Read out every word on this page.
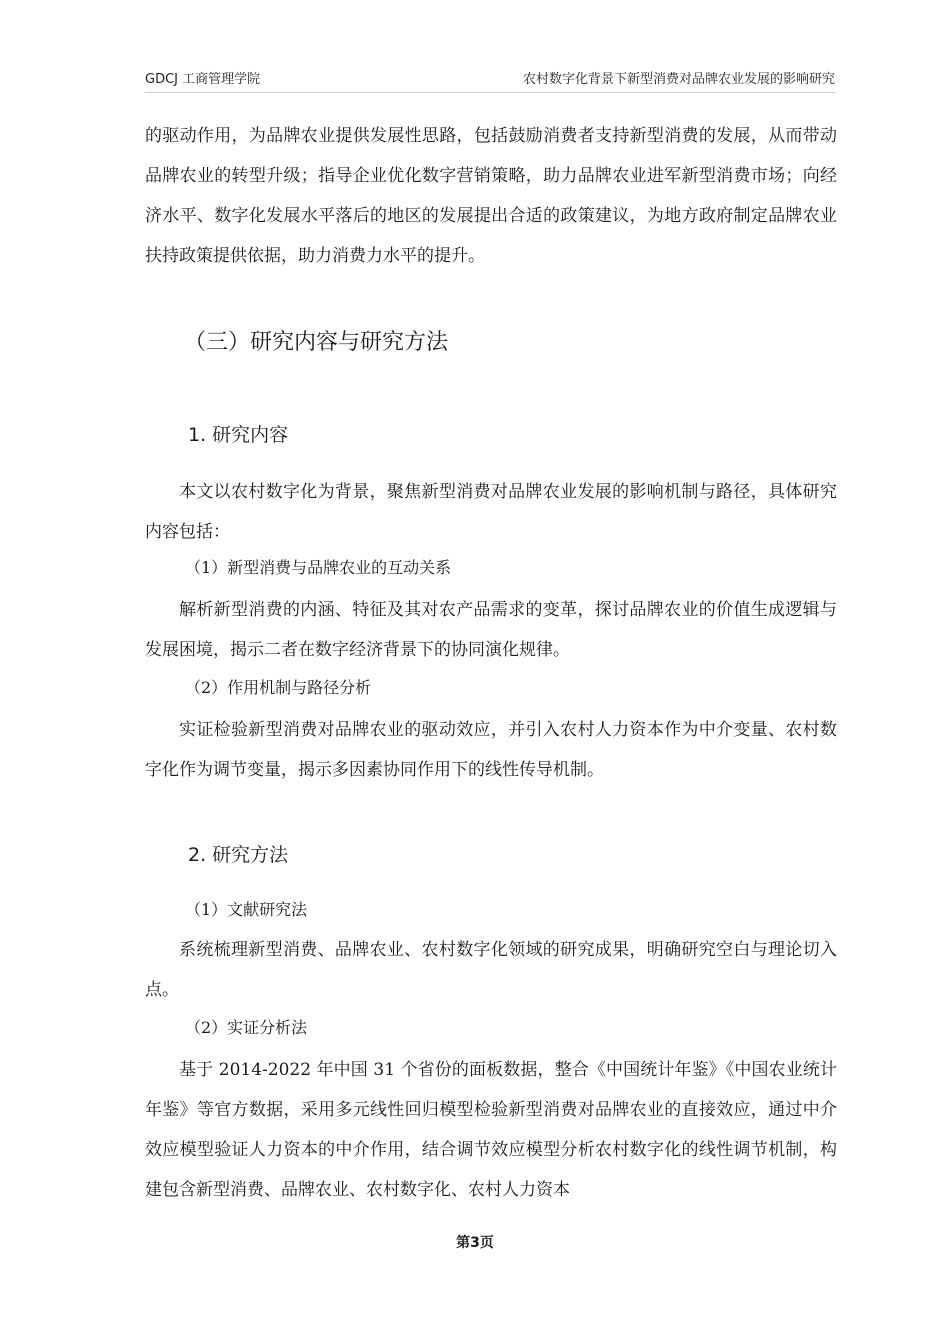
GDCJ 工商管理学院	农村数字化背景下新型消费对品牌农业发展的影响研究

的驱动作用，为品牌农业提供发展性思路，包括鼓励消费者支持新型消费的发展，从而带动品牌农业的转型升级；指导企业优化数字营销策略，助力品牌农业进军新型消费市场；向经济水平、数字化发展水平落后的地区的发展提出合适的政策建议，为地方政府制定品牌农业扶持政策提供依据，助力消费力水平的提升。

（三）研究内容与研究方法
1. 研究内容

本文以农村数字化为背景，聚焦新型消费对品牌农业发展的影响机制与路径，具体研究内容包括：

（1）新型消费与品牌农业的互动关系

解析新型消费的内涵、特征及其对农产品需求的变革，探讨品牌农业的价值生成逻辑与发展困境，揭示二者在数字经济背景下的协同演化规律。

（2）作用机制与路径分析

实证检验新型消费对品牌农业的驱动效应，并引入农村人力资本作为中介变量、农村数字化作为调节变量，揭示多因素协同作用下的线性传导机制。

2. 研究方法

（1）文献研究法

系统梳理新型消费、品牌农业、农村数字化领域的研究成果，明确研究空白与理论切入点。

（2）实证分析法

基于 2014-2022 年中国 31 个省份的面板数据，整合《中国统计年鉴》《中国农业统计年鉴》等官方数据，采用多元线性回归模型检验新型消费对品牌农业的直接效应，通过中介效应模型验证人力资本的中介作用，结合调节效应模型分析农村数字化的线性调节机制，构建包含新型消费、品牌农业、农村数字化、农村人力资本

第3页
